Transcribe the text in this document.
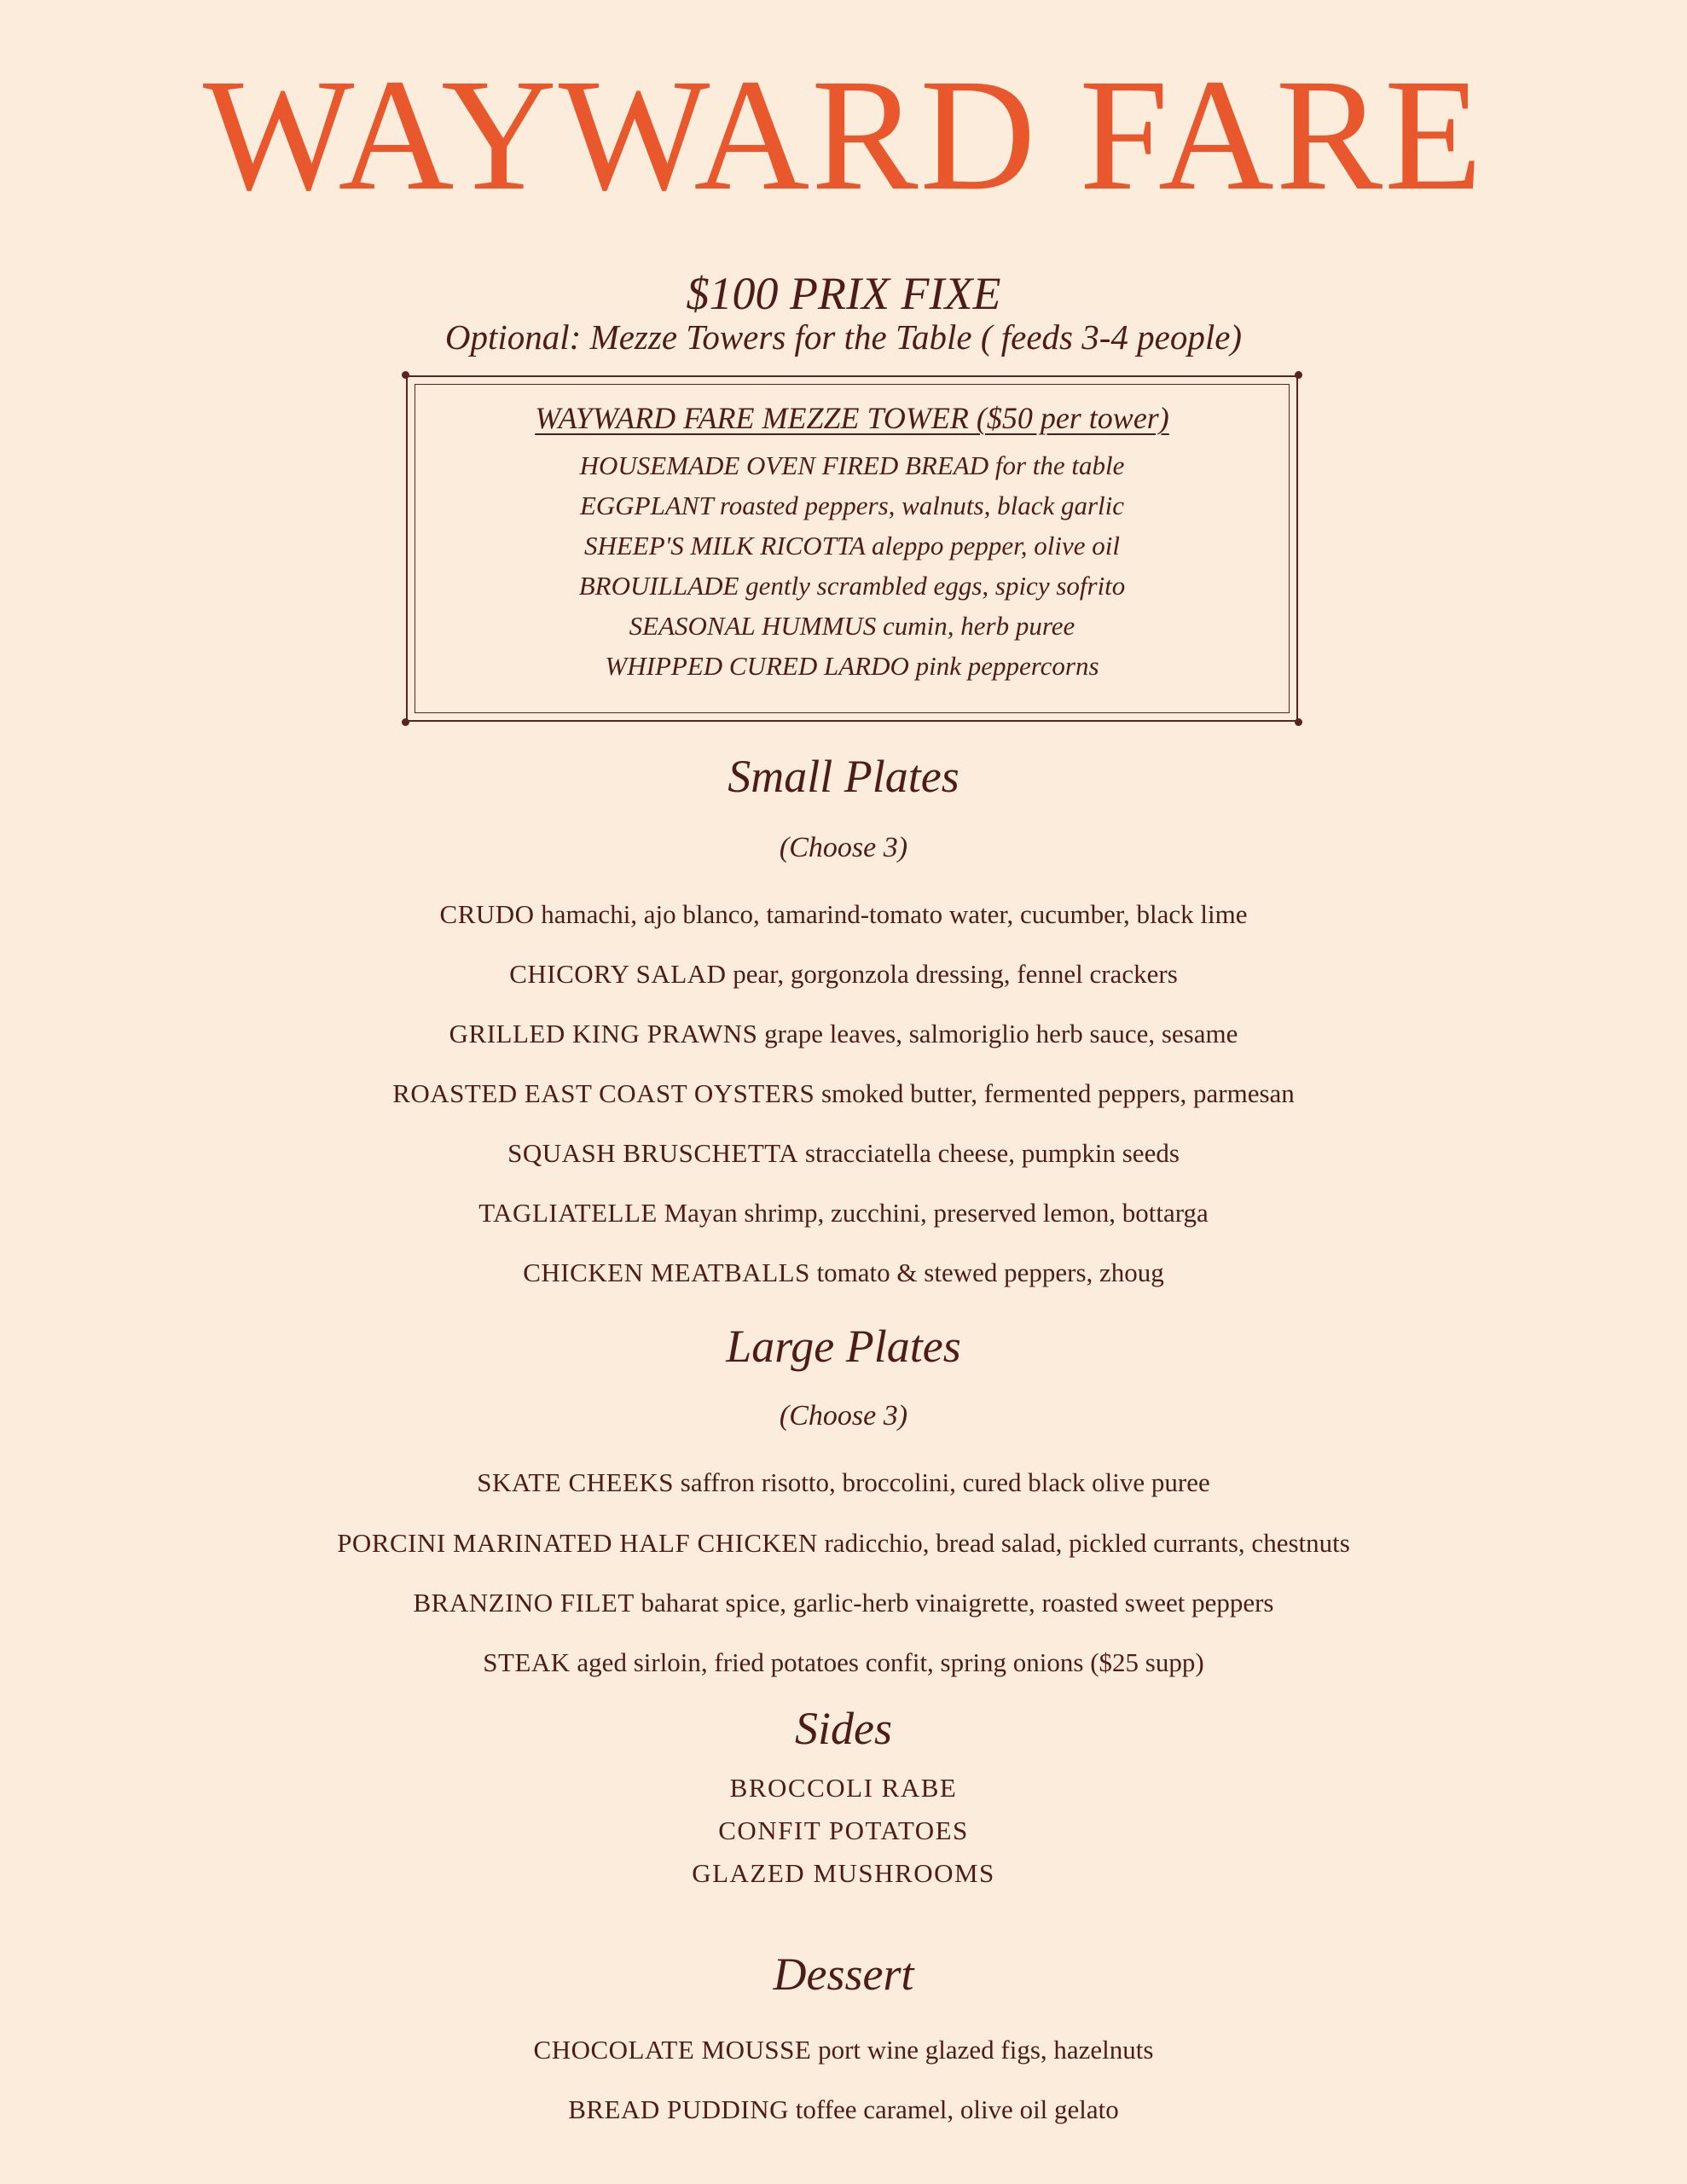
WAYWARD FARE
$100 PRIX FIXE
Optional: Mezze Towers for the Table ( feeds 3-4 people)
WAYWARD FARE MEZZE TOWER ($50 per tower)
HOUSEMADE OVEN FIRED BREAD for the table
EGGPLANT roasted peppers, walnuts, black garlic
SHEEP'S MILK RICOTTA aleppo pepper, olive oil
BROUILLADE gently scrambled eggs, spicy sofrito
SEASONAL HUMMUS cumin, herb puree
WHIPPED CURED LARDO pink peppercorns
Small Plates
(Choose 3)
CRUDO hamachi, ajo blanco, tamarind-tomato water, cucumber, black lime
CHICORY SALAD pear, gorgonzola dressing, fennel crackers
GRILLED KING PRAWNS grape leaves, salmoriglio herb sauce, sesame
ROASTED EAST COAST OYSTERS smoked butter, fermented peppers, parmesan
SQUASH BRUSCHETTA stracciatella cheese, pumpkin seeds
TAGLIATELLE Mayan shrimp, zucchini, preserved lemon, bottarga
CHICKEN MEATBALLS tomato & stewed peppers, zhoug
Large Plates
(Choose 3)
SKATE CHEEKS saffron risotto, broccolini, cured black olive puree
PORCINI MARINATED HALF CHICKEN radicchio, bread salad, pickled currants, chestnuts
BRANZINO FILET baharat spice, garlic-herb vinaigrette, roasted sweet peppers
STEAK aged sirloin, fried potatoes confit, spring onions ($25 supp)
Sides
BROCCOLI RABE
CONFIT POTATOES
GLAZED MUSHROOMS
Dessert
CHOCOLATE MOUSSE port wine glazed figs, hazelnuts
BREAD PUDDING toffee caramel, olive oil gelato
